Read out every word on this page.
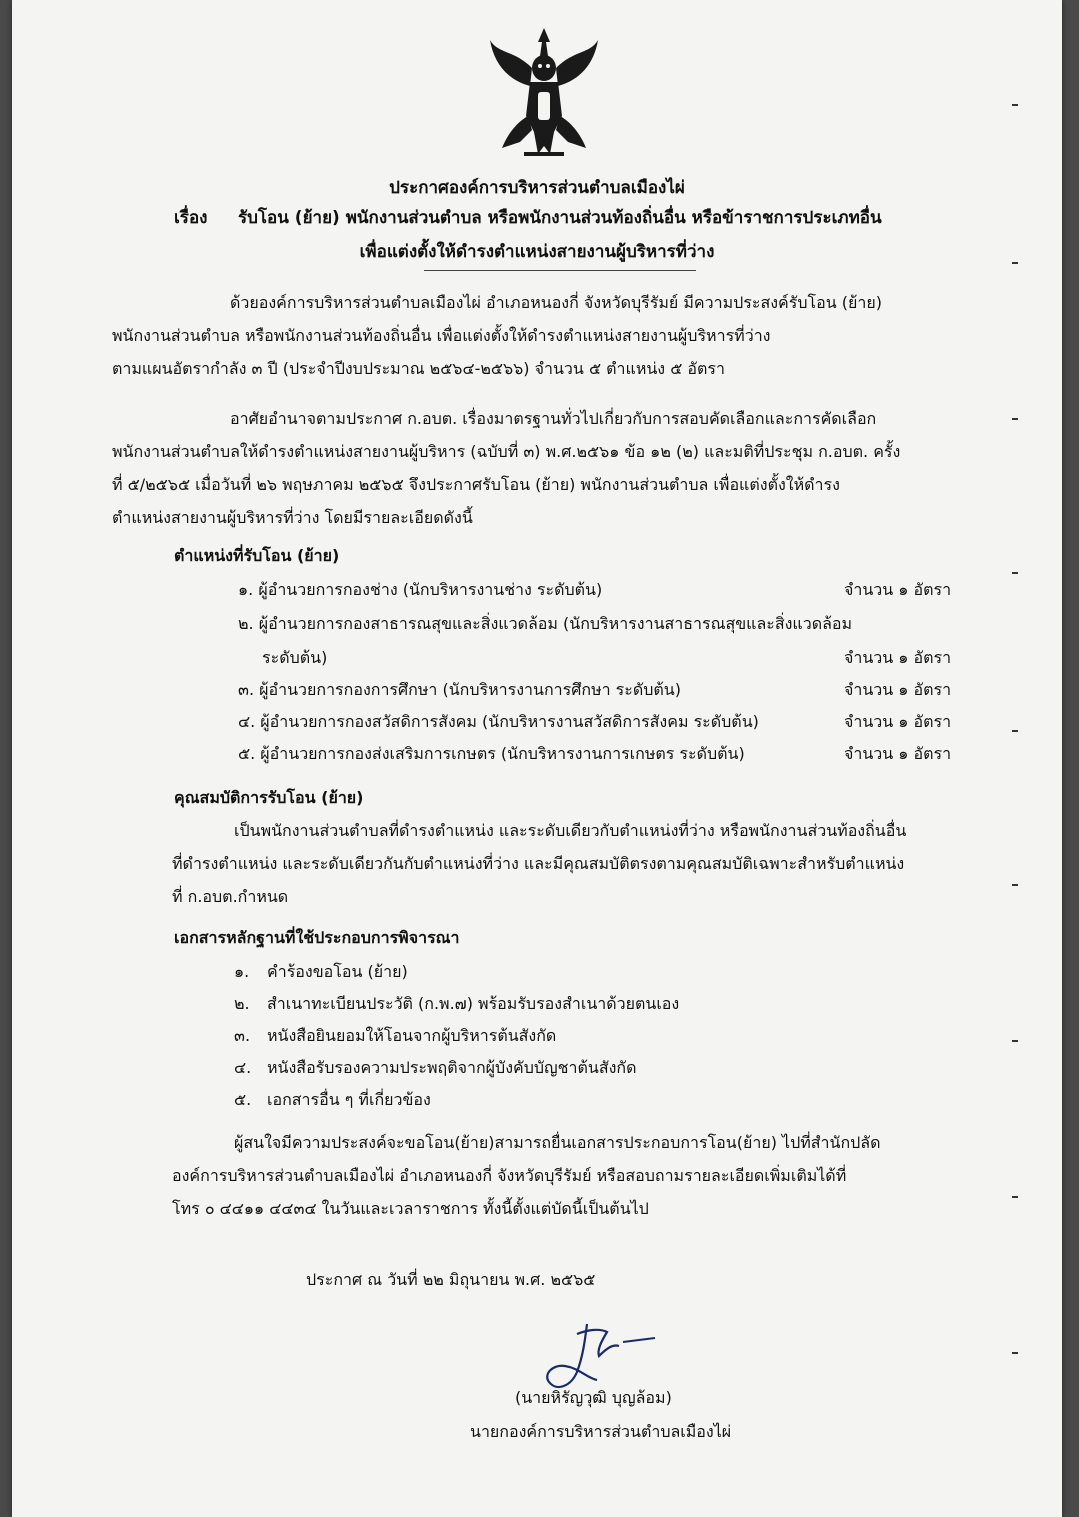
ประกาศองค์การบริหารส่วนตำบลเมืองไผ่
เรื่อง รับโอน (ย้าย) พนักงานส่วนตำบล หรือพนักงานส่วนท้องถิ่นอื่น หรือข้าราชการประเภทอื่น
เพื่อแต่งตั้งให้ดำรงตำแหน่งสายงานผู้บริหารที่ว่าง
ด้วยองค์การบริหารส่วนตำบลเมืองไผ่ อำเภอหนองกี่ จังหวัดบุรีรัมย์ มีความประสงค์รับโอน (ย้าย)
พนักงานส่วนตำบล หรือพนักงานส่วนท้องถิ่นอื่น เพื่อแต่งตั้งให้ดำรงตำแหน่งสายงานผู้บริหารที่ว่าง
ตามแผนอัตรากำลัง ๓ ปี (ประจำปีงบประมาณ ๒๕๖๔-๒๕๖๖) จำนวน ๕ ตำแหน่ง ๕ อัตรา
อาศัยอำนาจตามประกาศ ก.อบต. เรื่องมาตรฐานทั่วไปเกี่ยวกับการสอบคัดเลือกและการคัดเลือก
พนักงานส่วนตำบลให้ดำรงตำแหน่งสายงานผู้บริหาร (ฉบับที่ ๓) พ.ศ.๒๕๖๑ ข้อ ๑๒ (๒) และมติที่ประชุม ก.อบต. ครั้ง
ที่ ๕/๒๕๖๕ เมื่อวันที่ ๒๖ พฤษภาคม ๒๕๖๕ จึงประกาศรับโอน (ย้าย) พนักงานส่วนตำบล เพื่อแต่งตั้งให้ดำรง
ตำแหน่งสายงานผู้บริหารที่ว่าง โดยมีรายละเอียดดังนี้
ตำแหน่งที่รับโอน (ย้าย)
๑. ผู้อำนวยการกองช่าง (นักบริหารงานช่าง ระดับต้น)	จำนวน ๑ อัตรา
๒. ผู้อำนวยการกองสาธารณสุขและสิ่งแวดล้อม (นักบริหารงานสาธารณสุขและสิ่งแวดล้อม
ระดับต้น)	จำนวน ๑ อัตรา
๓. ผู้อำนวยการกองการศึกษา (นักบริหารงานการศึกษา ระดับต้น)	จำนวน ๑ อัตรา
๔. ผู้อำนวยการกองสวัสดิการสังคม (นักบริหารงานสวัสดิการสังคม ระดับต้น)	จำนวน ๑ อัตรา
๕. ผู้อำนวยการกองส่งเสริมการเกษตร (นักบริหารงานการเกษตร ระดับต้น)	จำนวน ๑ อัตรา
คุณสมบัติการรับโอน (ย้าย)
เป็นพนักงานส่วนตำบลที่ดำรงตำแหน่ง และระดับเดียวกับตำแหน่งที่ว่าง หรือพนักงานส่วนท้องถิ่นอื่น
ที่ดำรงตำแหน่ง และระดับเดียวกันกับตำแหน่งที่ว่าง และมีคุณสมบัติตรงตามคุณสมบัติเฉพาะสำหรับตำแหน่ง
ที่ ก.อบต.กำหนด
เอกสารหลักฐานที่ใช้ประกอบการพิจารณา
๑. คำร้องขอโอน (ย้าย)
๒. สำเนาทะเบียนประวัติ (ก.พ.๗) พร้อมรับรองสำเนาด้วยตนเอง
๓. หนังสือยินยอมให้โอนจากผู้บริหารต้นสังกัด
๔. หนังสือรับรองความประพฤติจากผู้บังคับบัญชาต้นสังกัด
๕. เอกสารอื่น ๆ ที่เกี่ยวข้อง
ผู้สนใจมีความประสงค์จะขอโอน(ย้าย)สามารถยื่นเอกสารประกอบการโอน(ย้าย) ไปที่สำนักปลัด
องค์การบริหารส่วนตำบลเมืองไผ่ อำเภอหนองกี่ จังหวัดบุรีรัมย์ หรือสอบถามรายละเอียดเพิ่มเติมได้ที่
โทร ๐ ๔๔๑๑ ๔๔๓๔ ในวันและเวลาราชการ ทั้งนี้ตั้งแต่บัดนี้เป็นต้นไป
ประกาศ ณ วันที่ ๒๒ มิถุนายน พ.ศ. ๒๕๖๕
(นายหิรัญวุฒิ บุญล้อม)
นายกองค์การบริหารส่วนตำบลเมืองไผ่
